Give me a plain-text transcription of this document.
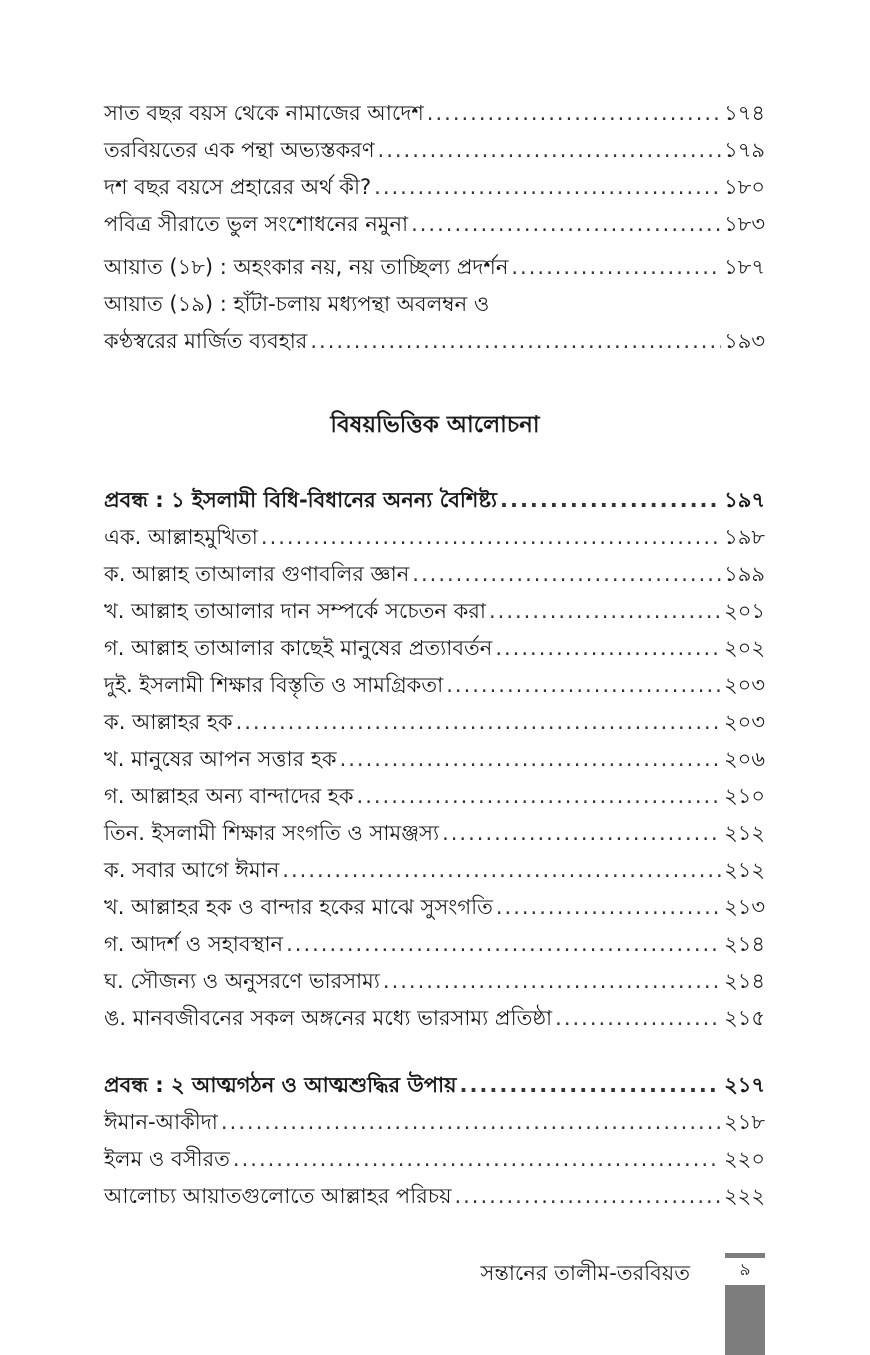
সাত বছর বয়স থেকে নামাজের আদেশ .....	১৭৪
তরবিয়তের এক পন্থা অভ্যস্তকরণ .....	১৭৯
দশ বছর বয়সে প্রহারের অর্থ কী? .....	১৮০
পবিত্র সীরাতে ভুল সংশোধনের নমুনা .....	১৮৩
আয়াত (১৮) : অহংকার নয়, নয় তাচ্ছিল্য প্রদর্শন .....	১৮৭
আয়াত (১৯) : হাঁটা-চলায় মধ্যপন্থা অবলম্বন ও
কণ্ঠস্বরের মার্জিত ব্যবহার .....	১৯৩
বিষয়ভিত্তিক আলোচনা
প্রবন্ধ : ১ ইসলামী বিধি-বিধানের অনন্য বৈশিষ্ট্য .....	১৯৭
এক. আল্লাহমুখিতা .....	১৯৮
ক. আল্লাহ তাআলার গুণাবলির জ্ঞান .....	১৯৯
খ. আল্লাহ তাআলার দান সম্পর্কে সচেতন করা .....	২০১
গ. আল্লাহ তাআলার কাছেই মানুষের প্রত্যাবর্তন .....	২০২
দুই. ইসলামী শিক্ষার বিস্তৃতি ও সামগ্রিকতা .....	২০৩
ক. আল্লাহর হক .....	২০৩
খ. মানুষের আপন সত্তার হক .....	২০৬
গ. আল্লাহর অন্য বান্দাদের হক .....	২১০
তিন. ইসলামী শিক্ষার সংগতি ও সামঞ্জস্য .....	২১২
ক. সবার আগে ঈমান .....	২১২
খ. আল্লাহর হক ও বান্দার হকের মাঝে সুসংগতি .....	২১৩
গ. আদর্শ ও সহাবস্থান .....	২১৪
ঘ. সৌজন্য ও অনুসরণে ভারসাম্য .....	২১৪
ঙ. মানবজীবনের সকল অঙ্গনের মধ্যে ভারসাম্য প্রতিষ্ঠা .....	২১৫
প্রবন্ধ : ২ আত্মগঠন ও আত্মশুদ্ধির উপায় .....	২১৭
ঈমান-আকীদা .....	২১৮
ইলম ও বসীরত .....	২২০
আলোচ্য আয়াতগুলোতে আল্লাহর পরিচয় .....	২২২
সন্তানের তালীম-তরবিয়ত	৯
